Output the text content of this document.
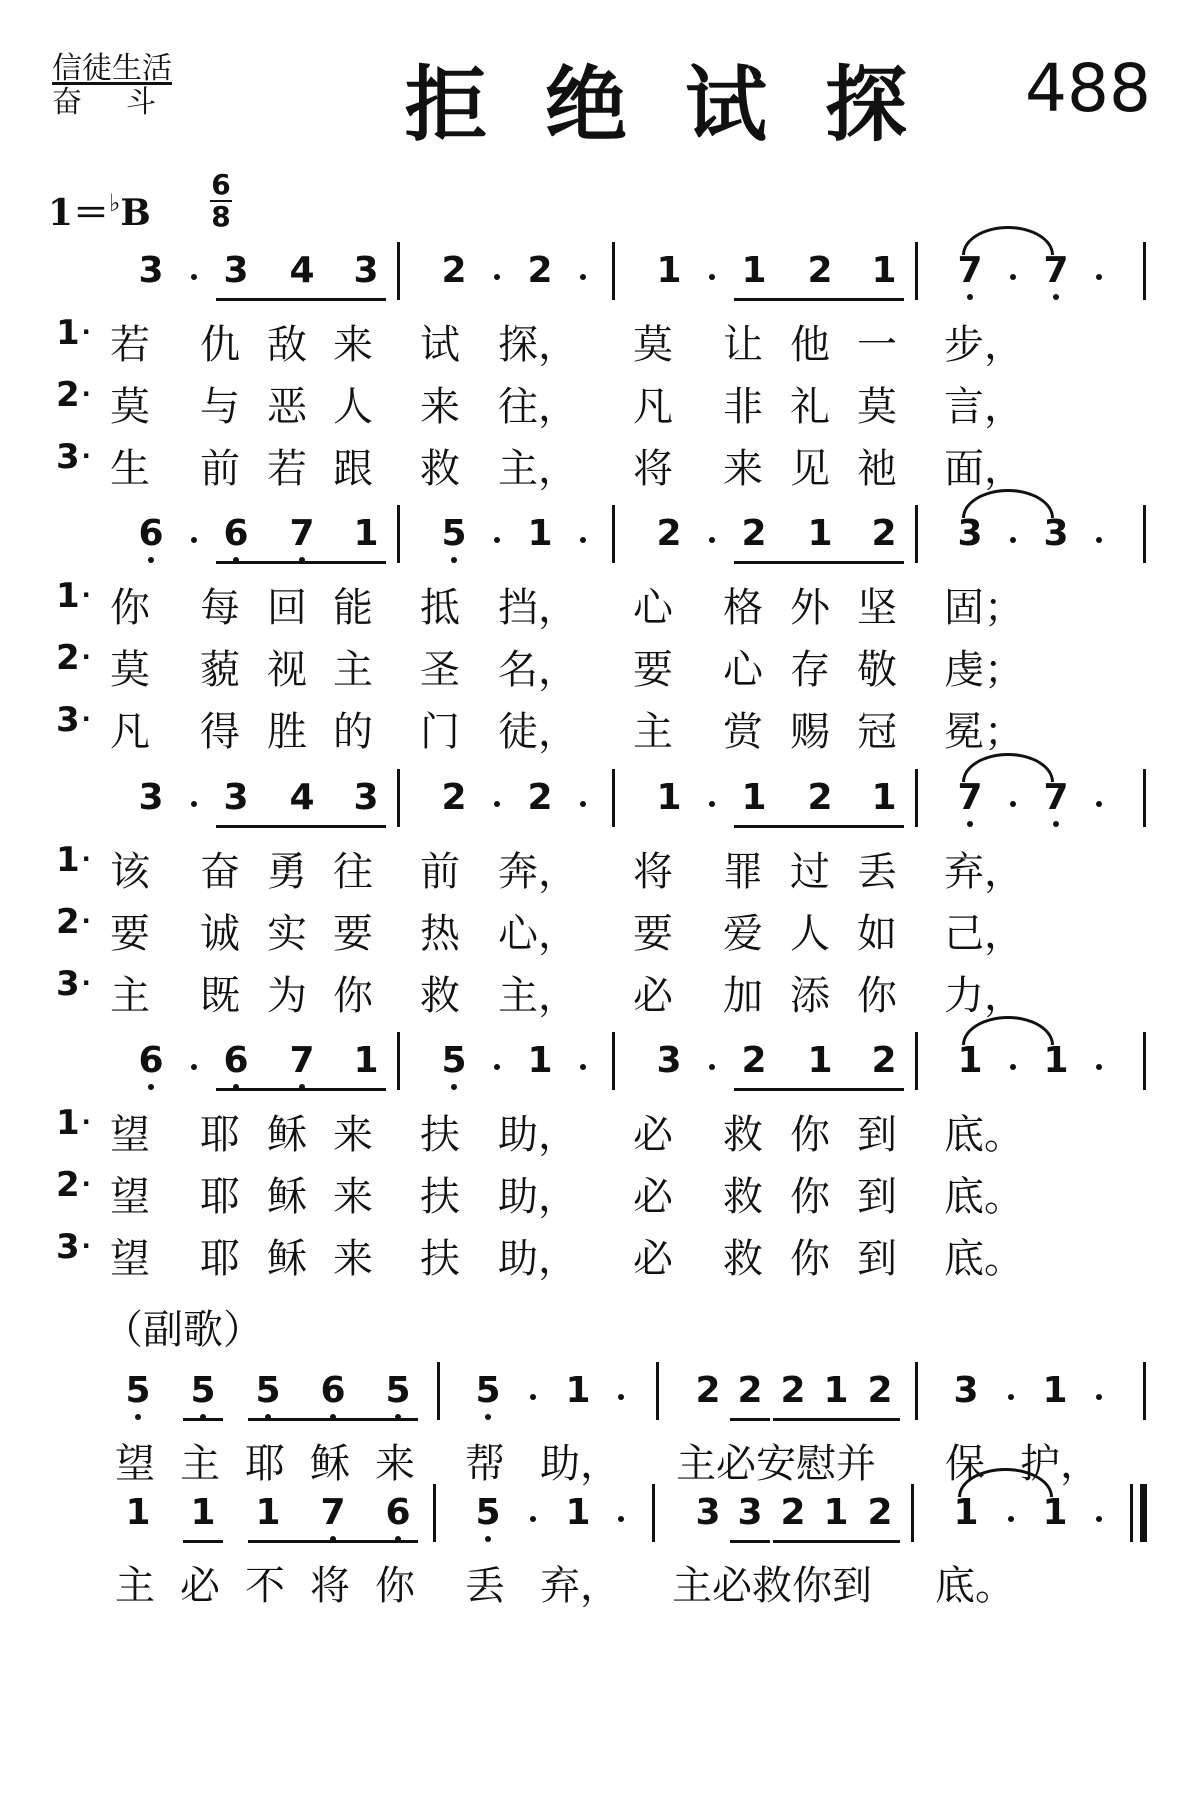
信徒生活
奋斗	拒绝试探 488
1＝♭B
6
8
3 3 4 3 2 2	1 1 2 1 7 7
1· 若 仇 敌 来 试 探， 莫 让 他 一 步，
2· 莫 与 恶 人 来 往， 凡 非 礼 莫 言，
3· 生 前 若 跟 救 主， 将 来 见 祂 面，
6 6 7 1 5 1	2 2 1 2 3 3
1· 你 每 回 能 抵 挡， 心 格 外 坚 固；
2· 莫 藐 视 主 圣 名， 要 心 存 敬 虔；
3· 凡 得 胜 的 门 徒， 主 赏 赐 冠 冕；
3 3 4 3 2 2	1 1 2 1 7 7
1· 该 奋 勇 往 前 奔， 将 罪 过 丢 弃，
2· 要 诚 实 要 热 心， 要 爱 人 如 己，
3· 主 既 为 你 救 主， 必 加 添 你 力，
6 6 7 1 5 1	3 2 1 2 1 1
1· 望 耶 稣 来 扶 助， 必 救 你 到 底。
2· 望 耶 稣 来 扶 助， 必 救 你 到 底。
3· 望 耶 稣 来 扶 助， 必 救 你 到 底。
5 5 5 6 5 5 1	2 2 2 1 2 3 1
望 主 耶 稣 来 帮 助， 主必安慰并	保 护，
1 1 1 7 6 5 1	3 3 2 1 2 1 1
主 必 不 将 你 丢 弃， 主必救你到	底。
（副歌）
